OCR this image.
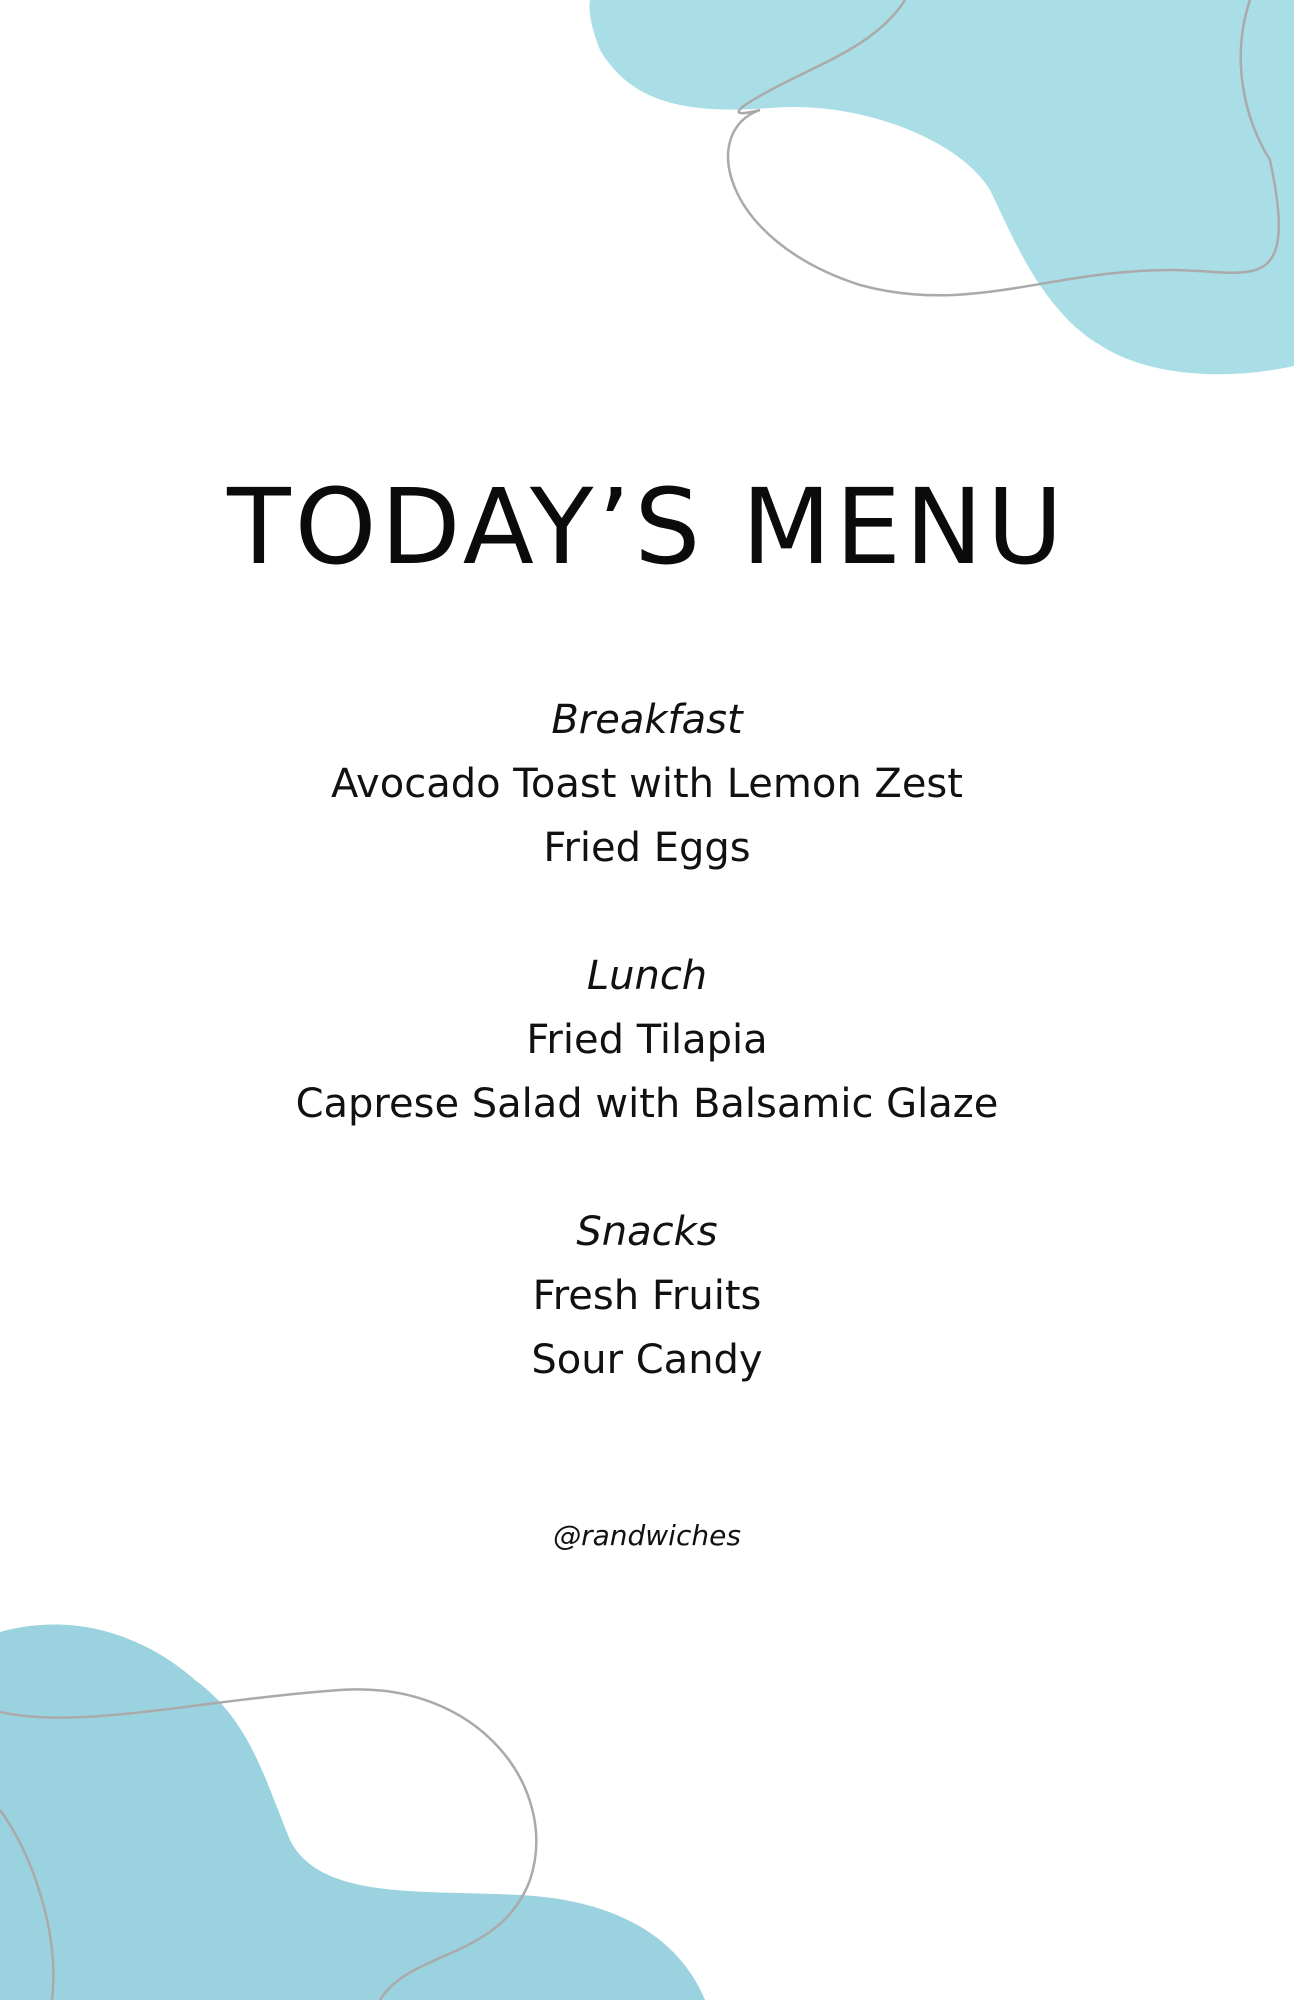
TODAY’S MENU
Breakfast
Avocado Toast with Lemon Zest
Fried Eggs
Lunch
Fried Tilapia
Caprese Salad with Balsamic Glaze
Snacks
Fresh Fruits
Sour Candy
@randwiches
